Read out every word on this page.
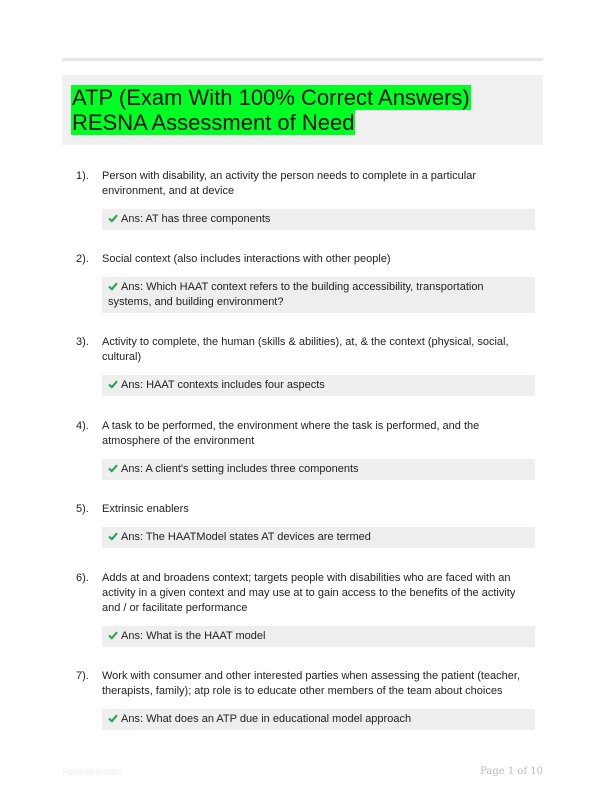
ATP (Exam With 100% Correct Answers) RESNA Assessment of Need
1). Person with disability, an activity the person needs to complete in a particular environment, and at device
Ans: AT has three components
2). Social context (also includes interactions with other people)
Ans: Which HAAT context refers to the building accessibility, transportation systems, and building environment?
3). Activity to complete, the human (skills & abilities), at, & the context (physical, social, cultural)
Ans: HAAT contexts includes four aspects
4). A task to be performed, the environment where the task is performed, and the atmosphere of the environment
Ans: A client's setting includes three components
5). Extrinsic enablers
Ans: The HAATModel states AT devices are termed
6). Adds at and broadens context; targets people with disabilities who are faced with an activity in a given context and may use at to gain access to the benefits of the activity and / or facilitate performance
Ans: What is the HAAT model
7). Work with consumer and other interested parties when assessing the patient (teacher, therapists, family); atp role is to educate other members of the team about choices
Ans: What does an ATP due in educational model approach
Papersbic.com	Page 1 of 10
